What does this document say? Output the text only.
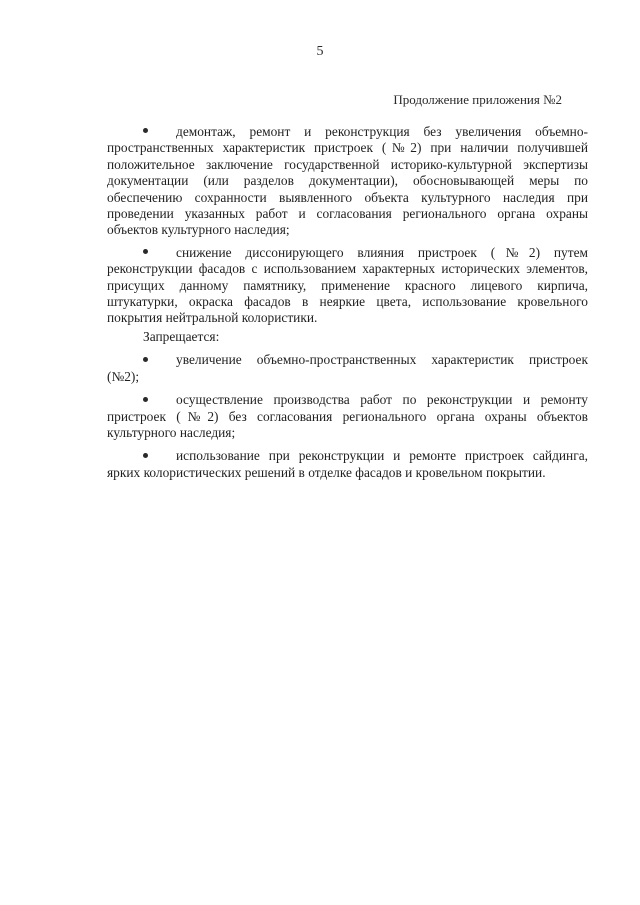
5
Продолжение приложения №2

демонтаж, ремонт и реконструкция без увеличения объемно-пространственных характеристик пристроек (№2) при наличии получившей положительное заключение государственной историко-культурной экспертизы документации (или разделов документации), обосновывающей меры по обеспечению сохранности выявленного объекта культурного наследия при проведении указанных работ и согласования регионального органа охраны объектов культурного наследия;

снижение диссонирующего влияния пристроек (№2) путем реконструкции фасадов с использованием характерных исторических элементов, присущих данному памятнику, применение красного лицевого кирпича, штукатурки, окраска фасадов в неяркие цвета, использование кровельного покрытия нейтральной колористики.

Запрещается:

увеличение объемно-пространственных характеристик пристроек (№2);

осуществление производства работ по реконструкции и ремонту пристроек (№2) без согласования регионального органа охраны объектов культурного наследия;

использование при реконструкции и ремонте пристроек сайдинга, ярких колористических решений в отделке фасадов и кровельном покрытии.
